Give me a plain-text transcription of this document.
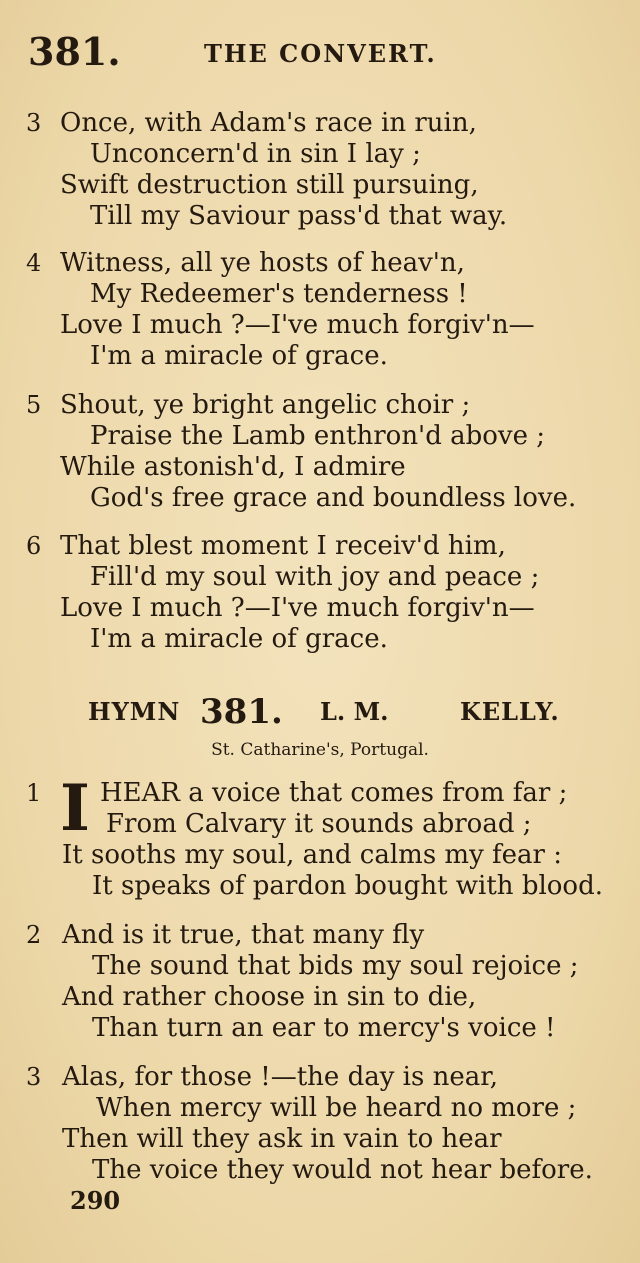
381.	THE CONVERT.
3 Once, with Adam's race in ruin,
Unconcern'd in sin I lay ;
Swift destruction still pursuing,
Till my Saviour pass'd that way.
4 Witness, all ye hosts of heav'n,
My Redeemer's tenderness !
Love I much ?—I've much forgiv'n—
I'm a miracle of grace.
5 Shout, ye bright angelic choir ;
Praise the Lamb enthron'd above ;
While astonish'd, I admire
God's free grace and boundless love.
6 That blest moment I receiv'd him,
Fill'd my soul with joy and peace ;
Love I much ?—I've much forgiv'n—
I'm a miracle of grace.
HYMN 381. L. M.	KELLY.
St. Catharine's, Portugal.
1 I HEAR a voice that comes from far ;
From Calvary it sounds abroad ;
It sooths my soul, and calms my fear :
It speaks of pardon bought with blood.
2 And is it true, that many fly
The sound that bids my soul rejoice ;
And rather choose in sin to die,
Than turn an ear to mercy's voice !
3 Alas, for those !—the day is near,
When mercy will be heard no more ;
Then will they ask in vain to hear
The voice they would not hear before.
290
